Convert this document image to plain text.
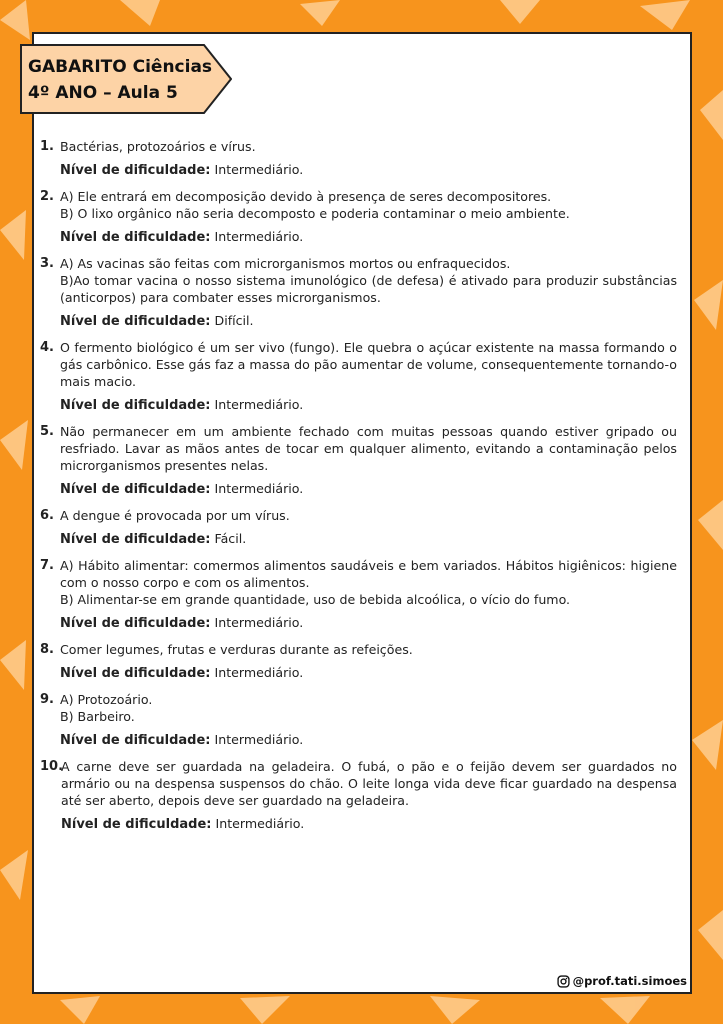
GABARITO Ciências
4º ANO – Aula 5
1. Bactérias, protozoários e vírus.
Nível de dificuldade: Intermediário.
2. A) Ele entrará em decomposição devido à presença de seres decompositores.
B) O lixo orgânico não seria decomposto e poderia contaminar o meio ambiente.
Nível de dificuldade: Intermediário.
3. A) As vacinas são feitas com microrganismos mortos ou enfraquecidos.
B)Ao tomar vacina o nosso sistema imunológico (de defesa) é ativado para produzir substâncias (anticorpos) para combater esses microrganismos.
Nível de dificuldade: Difícil.
4. O fermento biológico é um ser vivo (fungo). Ele quebra o açúcar existente na massa formando o gás carbônico. Esse gás faz a massa do pão aumentar de volume, consequentemente tornando-o mais macio.
Nível de dificuldade: Intermediário.
5. Não permanecer em um ambiente fechado com muitas pessoas quando estiver gripado ou resfriado. Lavar as mãos antes de tocar em qualquer alimento, evitando a contaminação pelos microrganismos presentes nelas.
Nível de dificuldade: Intermediário.
6. A dengue é provocada por um vírus.
Nível de dificuldade: Fácil.
7. A) Hábito alimentar: comermos alimentos saudáveis e bem variados. Hábitos higiênicos: higiene com o nosso corpo e com os alimentos.
B) Alimentar-se em grande quantidade, uso de bebida alcoólica, o vício do fumo.
Nível de dificuldade: Intermediário.
8. Comer legumes, frutas e verduras durante as refeições.
Nível de dificuldade: Intermediário.
9. A) Protozoário.
B) Barbeiro.
Nível de dificuldade: Intermediário.
10.
A carne deve ser guardada na geladeira. O fubá, o pão e o feijão devem ser guardados no armário ou na despensa suspensos do chão. O leite longa vida deve ficar guardado na despensa até ser aberto, depois deve ser guardado na geladeira.
Nível de dificuldade: Intermediário.
@prof.tati.simoes
